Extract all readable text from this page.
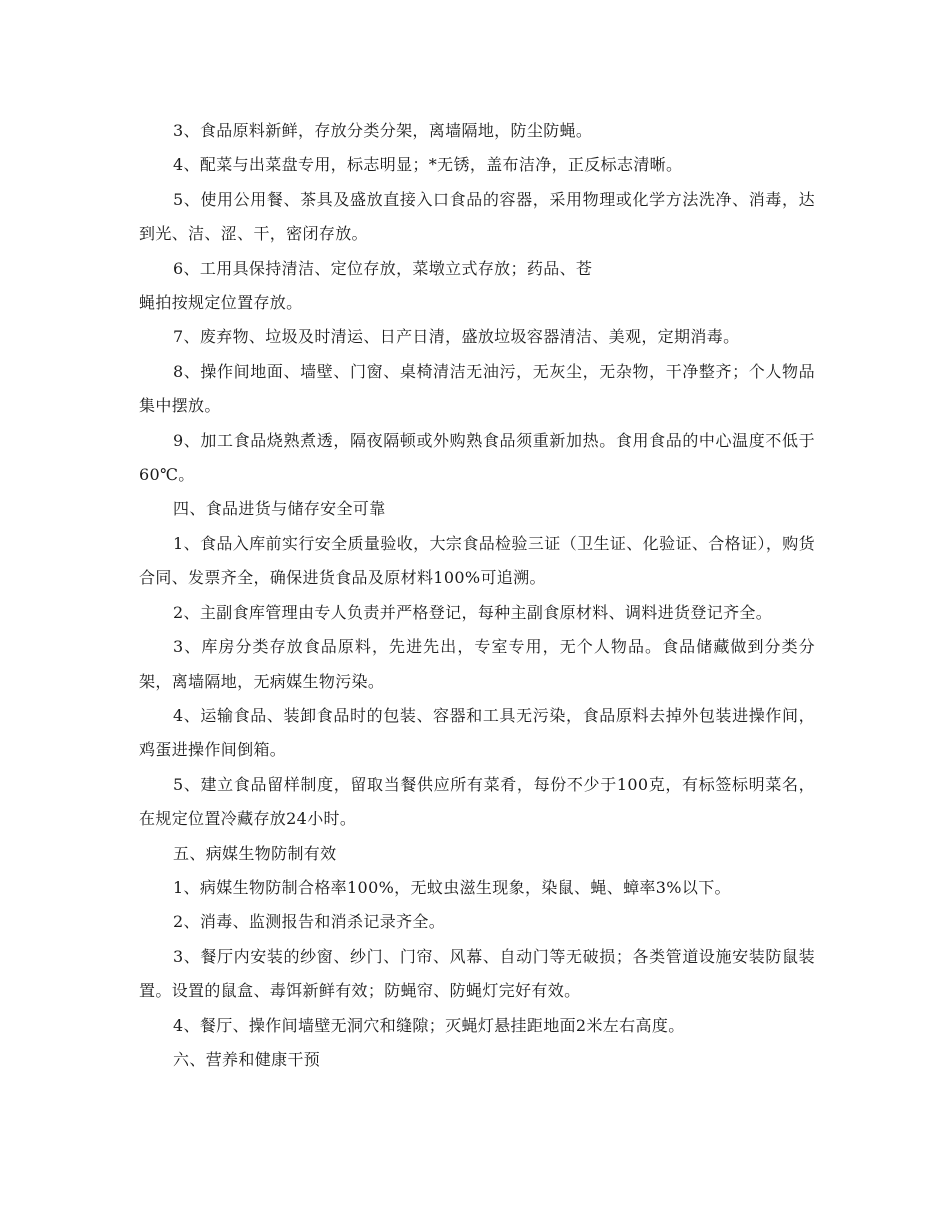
3、食品原料新鲜，存放分类分架，离墙隔地，防尘防蝇。

4、配菜与出菜盘专用，标志明显；*无锈，盖布洁净，正反标志清晰。

5、使用公用餐、茶具及盛放直接入口食品的容器，采用物理或化学方法洗净、消毒，达到光、洁、涩、干，密闭存放。

6、工用具保持清洁、定位存放，菜墩立式存放；药品、苍

蝇拍按规定位置存放。

7、废弃物、垃圾及时清运、日产日清，盛放垃圾容器清洁、美观，定期消毒。

8、操作间地面、墙壁、门窗、桌椅清洁无油污，无灰尘，无杂物，干净整齐；个人物品集中摆放。

9、加工食品烧熟煮透，隔夜隔顿或外购熟食品须重新加热。食用食品的中心温度不低于60℃。

四、食品进货与储存安全可靠

1、食品入库前实行安全质量验收，大宗食品检验三证（卫生证、化验证、合格证），购货合同、发票齐全，确保进货食品及原材料100%可追溯。

2、主副食库管理由专人负责并严格登记，每种主副食原材料、调料进货登记齐全。

3、库房分类存放食品原料，先进先出，专室专用，无个人物品。食品储藏做到分类分架，离墙隔地，无病媒生物污染。

4、运输食品、装卸食品时的包装、容器和工具无污染，食品原料去掉外包装进操作间，鸡蛋进操作间倒箱。

5、建立食品留样制度，留取当餐供应所有菜肴，每份不少于100克，有标签标明菜名，在规定位置冷藏存放24小时。

五、病媒生物防制有效

1、病媒生物防制合格率100%，无蚊虫滋生现象，染鼠、蝇、蟑率3%以下。

2、消毒、监测报告和消杀记录齐全。

3、餐厅内安装的纱窗、纱门、门帘、风幕、自动门等无破损；各类管道设施安装防鼠装置。设置的鼠盒、毒饵新鲜有效；防蝇帘、防蝇灯完好有效。

4、餐厅、操作间墙壁无洞穴和缝隙；灭蝇灯悬挂距地面2米左右高度。

六、营养和健康干预
